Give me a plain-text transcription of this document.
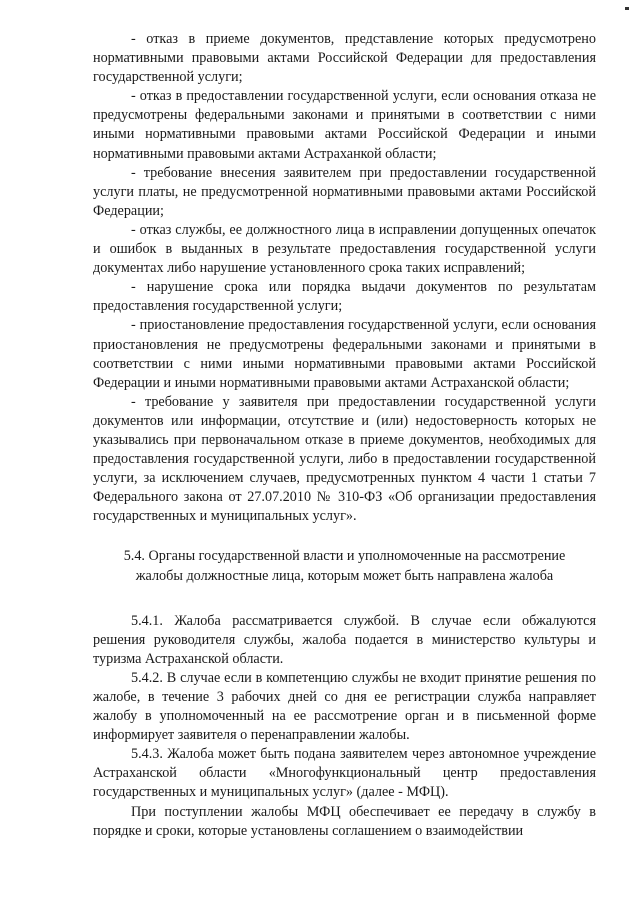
- отказ в приеме документов, представление которых предусмотрено нормативными правовыми актами Российской Федерации для предоставления государственной услуги;

- отказ в предоставлении государственной услуги, если основания отказа не предусмотрены федеральными законами и принятыми в соответствии с ними иными нормативными правовыми актами Российской Федерации и иными нормативными правовыми актами Астраханкой области;

- требование внесения заявителем при предоставлении государственной услуги платы, не предусмотренной нормативными правовыми актами Российской Федерации;

- отказ службы, ее должностного лица в исправлении допущенных опечаток и ошибок в выданных в результате предоставления государственной услуги документах либо нарушение установленного срока таких исправлений;

- нарушение срока или порядка выдачи документов по результатам предоставления государственной услуги;

- приостановление предоставления государственной услуги, если основания приостановления не предусмотрены федеральными законами и принятыми в соответствии с ними иными нормативными правовыми актами Российской Федерации и иными нормативными правовыми актами Астраханской области;

- требование у заявителя при предоставлении государственной услуги документов или информации, отсутствие и (или) недостоверность которых не указывались при первоначальном отказе в приеме документов, необходимых для предоставления государственной услуги, либо в предоставлении государственной услуги, за исключением случаев, предусмотренных пунктом 4 части 1 статьи 7 Федерального закона от 27.07.2010 № 310-ФЗ «Об организации предоставления государственных и муниципальных услуг».

5.4. Органы государственной власти и уполномоченные на рассмотрение жалобы должностные лица, которым может быть направлена жалоба

5.4.1. Жалоба рассматривается службой. В случае если обжалуются решения руководителя службы, жалоба подается в министерство культуры и туризма Астраханской области.

5.4.2. В случае если в компетенцию службы не входит принятие решения по жалобе, в течение 3 рабочих дней со дня ее регистрации служба направляет жалобу в уполномоченный на ее рассмотрение орган и в письменной форме информирует заявителя о перенаправлении жалобы.

5.4.3. Жалоба может быть подана заявителем через автономное учреждение Астраханской области «Многофункциональный центр предоставления государственных и муниципальных услуг» (далее - МФЦ).

При поступлении жалобы МФЦ обеспечивает ее передачу в службу в порядке и сроки, которые установлены соглашением о взаимодействии
